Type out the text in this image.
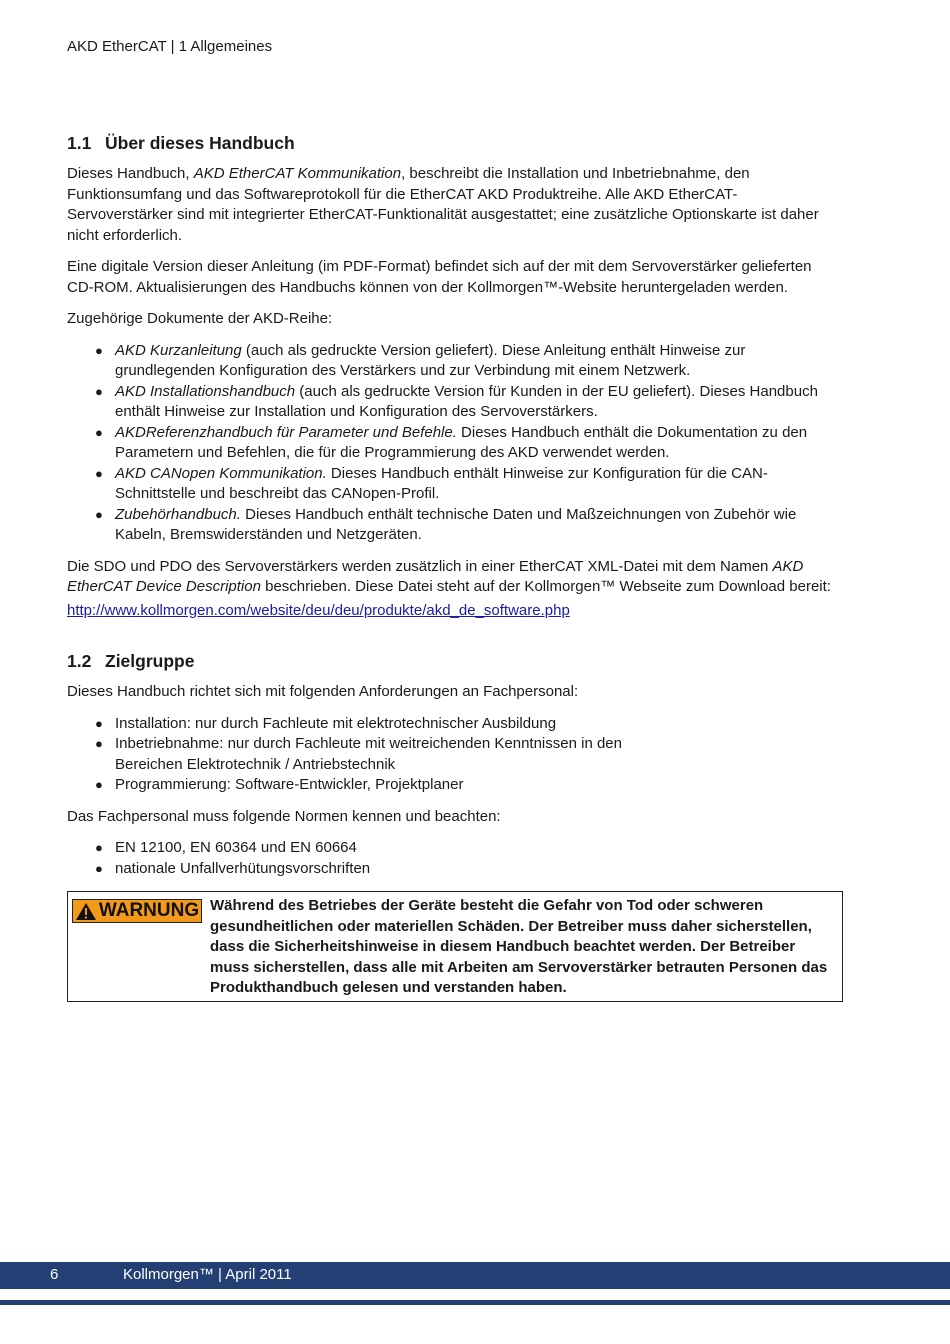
AKD EtherCAT | 1 Allgemeines
1.1 Über dieses Handbuch

Dieses Handbuch, AKD EtherCAT Kommunikation, beschreibt die Installation und Inbetriebnahme, den Funktionsumfang und das Softwareprotokoll für die EtherCAT AKD Produktreihe. Alle AKD EtherCAT-Servoverstärker sind mit integrierter EtherCAT-Funktionalität ausgestattet; eine zusätzliche Optionskarte ist daher nicht erforderlich.

Eine digitale Version dieser Anleitung (im PDF-Format) befindet sich auf der mit dem Servoverstärker gelieferten CD-ROM. Aktualisierungen des Handbuchs können von der Kollmorgen™-Website heruntergeladen werden.

Zugehörige Dokumente der AKD-Reihe:

● AKD Kurzanleitung (auch als gedruckte Version geliefert). Diese Anleitung enthält Hinweise zur grundlegenden Konfiguration des Verstärkers und zur Verbindung mit einem Netzwerk.
● AKD Installationshandbuch (auch als gedruckte Version für Kunden in der EU geliefert). Dieses Handbuch enthält Hinweise zur Installation und Konfiguration des Servoverstärkers.
● AKDReferenzhandbuch für Parameter und Befehle. Dieses Handbuch enthält die Dokumentation zu den Parametern und Befehlen, die für die Programmierung des AKD verwendet werden.
● AKD CANopen Kommunikation. Dieses Handbuch enthält Hinweise zur Konfiguration für die CAN-Schnittstelle und beschreibt das CANopen-Profil.
● Zubehörhandbuch. Dieses Handbuch enthält technische Daten und Maßzeichnungen von Zubehör wie Kabeln, Bremswiderständen und Netzgeräten.

Die SDO und PDO des Servoverstärkers werden zusätzlich in einer EtherCAT XML-Datei mit dem Namen AKD EtherCAT Device Description beschrieben. Diese Datei steht auf der Kollmorgen™ Webseite zum Download bereit:

http://www.kollmorgen.com/website/deu/deu/produkte/akd_de_software.php
1.2 Zielgruppe

Dieses Handbuch richtet sich mit folgenden Anforderungen an Fachpersonal:

● Installation: nur durch Fachleute mit elektrotechnischer Ausbildung
● Inbetriebnahme: nur durch Fachleute mit weitreichenden Kenntnissen in den Bereichen Elektrotechnik / Antriebstechnik
● Programmierung: Software-Entwickler, Projektplaner

Das Fachpersonal muss folgende Normen kennen und beachten:

● EN 12100, EN 60364 und EN 60664
● nationale Unfallverhütungsvorschriften
WARNUNG Während des Betriebes der Geräte besteht die Gefahr von Tod oder schweren gesundheitlichen oder materiellen Schäden. Der Betreiber muss daher sicherstellen, dass die Sicherheitshinweise in diesem Handbuch beachtet werden. Der Betreiber muss sicherstellen, dass alle mit Arbeiten am Servoverstärker betrauten Personen das Produkthandbuch gelesen und verstanden haben.
6	Kollmorgen™ | April 2011
